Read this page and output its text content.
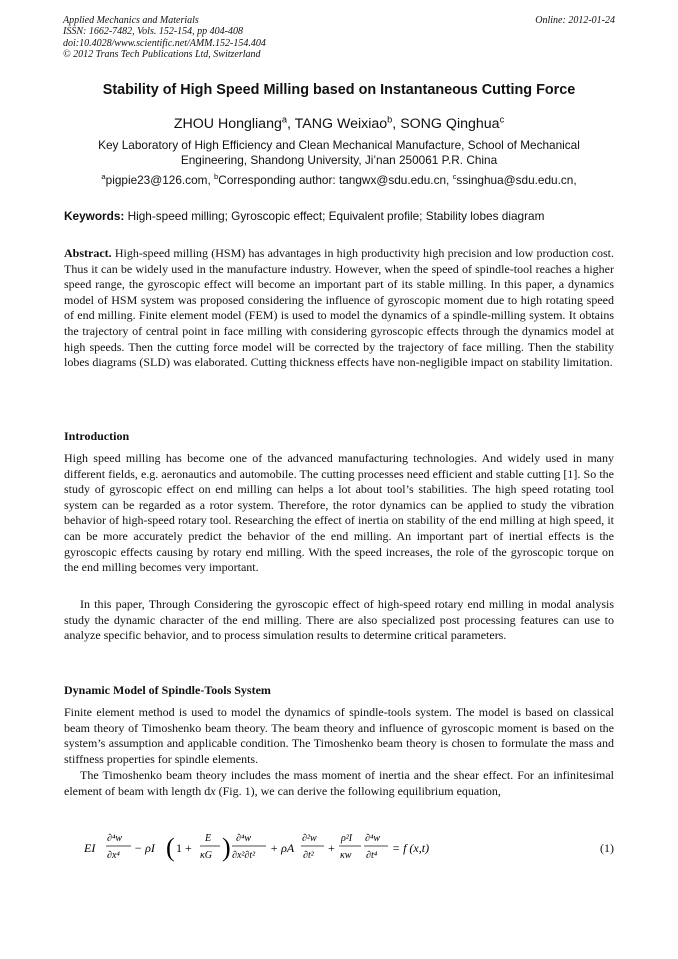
Applied Mechanics and Materials
ISSN: 1662-7482, Vols. 152-154, pp 404-408
doi:10.4028/www.scientific.net/AMM.152-154.404
© 2012 Trans Tech Publications Ltd, Switzerland
Online: 2012-01-24
Stability of High Speed Milling based on Instantaneous Cutting Force
ZHOU Hongliang$^a$, TANG Weixiao$^b$, SONG Qinghua$^c$
Key Laboratory of High Efficiency and Clean Mechanical Manufacture, School of Mechanical Engineering, Shandong University, Ji’nan 250061 P.R. China
$^a$pigpie23@126.com, $^b$Corresponding author: tangwx@sdu.edu.cn, $^c$ssinghua@sdu.edu.cn,
Keywords: High-speed milling; Gyroscopic effect; Equivalent profile; Stability lobes diagram

Abstract. High-speed milling (HSM) has advantages in high productivity high precision and low production cost. Thus it can be widely used in the manufacture industry. However, when the speed of spindle-tool reaches a higher speed range, the gyroscopic effect will become an important part of its stable milling. In this paper, a dynamics model of HSM system was proposed considering the influence of gyroscopic moment due to high rotating speed of end milling. Finite element model (FEM) is used to model the dynamics of a spindle-milling system. It obtains the trajectory of central point in face milling with considering gyroscopic effects through the dynamics model at high speeds. Then the cutting force model will be corrected by the trajectory of face milling. Then the stability lobes diagrams (SLD) was elaborated. Cutting thickness effects have non-negligible impact on stability limitation.

Introduction

High speed milling has become one of the advanced manufacturing technologies. And widely used in many different fields, e.g. aeronautics and automobile. The cutting processes need efficient and stable cutting [1]. So the study of gyroscopic effect on end milling can helps a lot about tool’s stabilities. The high speed rotating tool system can be regarded as a rotor system. Therefore, the rotor dynamics can be applied to study the vibration behavior of high-speed rotary tool. Researching the effect of inertia on stability of the end milling at high speed, it can be more accurately predict the behavior of the end milling. An important part of inertial effects is the gyroscopic effects causing by rotary end milling. With the speed increases, the role of the gyroscopic torque on the end milling becomes very important.

In this paper, Through Considering the gyroscopic effect of high-speed rotary end milling in modal analysis study the dynamic character of the end milling. There are also specialized post processing features can use to analyze specific behavior, and to process simulation results to determine critical parameters.

Dynamic Model of Spindle-Tools System

Finite element method is used to model the dynamics of spindle-tools system. The model is based on classical beam theory of Timoshenko beam theory. The beam theory and influence of gyroscopic moment is based on the system’s assumption and applicable condition. The Timoshenko beam theory is chosen to formulate the mass and stiffness properties for spindle elements.

The Timoshenko beam theory includes the mass moment of inertia and the shear effect. For an infinitesimal element of beam with length dx (Fig. 1), we can derive the following equilibrium equation,

EI
∂⁴w
∂x⁴
− ρI ( 1 +
E
κG ) ∂⁴w
∂x²∂t²
+ ρA
∂²w
∂t²
+
ρ²I
κw
∂⁴w
∂t⁴
= f (x,t)	(1)
